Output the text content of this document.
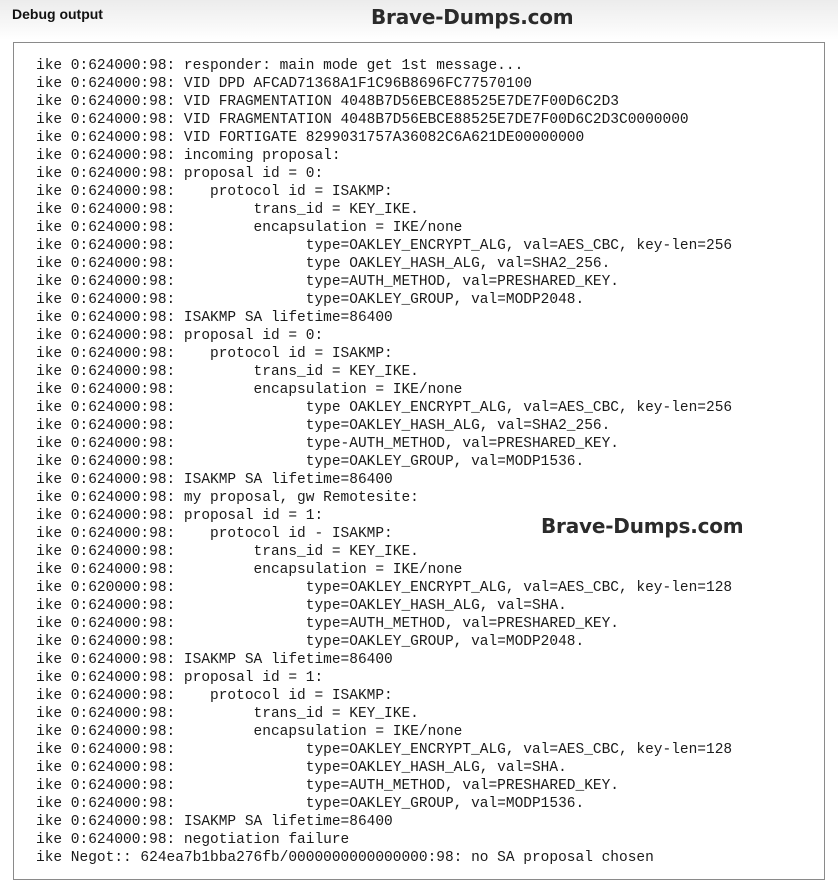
Debug output	Brave-Dumps.com
ike 0:624000:98: responder: main mode get 1st message...
ike 0:624000:98: VID DPD AFCAD71368A1F1C96B8696FC77570100
ike 0:624000:98: VID FRAGMENTATION 4048B7D56EBCE88525E7DE7F00D6C2D3
ike 0:624000:98: VID FRAGMENTATION 4048B7D56EBCE88525E7DE7F00D6C2D3C0000000
ike 0:624000:98: VID FORTIGATE 8299031757A36082C6A621DE00000000
ike 0:624000:98: incoming proposal:
ike 0:624000:98: proposal id = 0:
ike 0:624000:98:    protocol id = ISAKMP:
ike 0:624000:98:         trans_id = KEY_IKE.
ike 0:624000:98:         encapsulation = IKE/none
ike 0:624000:98:               type=OAKLEY_ENCRYPT_ALG, val=AES_CBC, key-len=256
ike 0:624000:98:               type OAKLEY_HASH_ALG, val=SHA2_256.
ike 0:624000:98:               type=AUTH_METHOD, val=PRESHARED_KEY.
ike 0:624000:98:               type=OAKLEY_GROUP, val=MODP2048.
ike 0:624000:98: ISAKMP SA lifetime=86400
ike 0:624000:98: proposal id = 0:
ike 0:624000:98:    protocol id = ISAKMP:
ike 0:624000:98:         trans_id = KEY_IKE.
ike 0:624000:98:         encapsulation = IKE/none
ike 0:624000:98:               type OAKLEY_ENCRYPT_ALG, val=AES_CBC, key-len=256
ike 0:624000:98:               type=OAKLEY_HASH_ALG, val=SHA2_256.
ike 0:624000:98:               type-AUTH_METHOD, val=PRESHARED_KEY.
ike 0:624000:98:               type=OAKLEY_GROUP, val=MODP1536.
ike 0:624000:98: ISAKMP SA lifetime=86400
ike 0:624000:98: my proposal, gw Remotesite:
ike 0:624000:98: proposal id = 1:
ike 0:624000:98:    protocol id - ISAKMP:
ike 0:624000:98:         trans_id = KEY_IKE.
ike 0:624000:98:         encapsulation = IKE/none
ike 0:620000:98:               type=OAKLEY_ENCRYPT_ALG, val=AES_CBC, key-len=128
ike 0:624000:98:               type=OAKLEY_HASH_ALG, val=SHA.
ike 0:624000:98:               type=AUTH_METHOD, val=PRESHARED_KEY.
ike 0:624000:98:               type=OAKLEY_GROUP, val=MODP2048.
ike 0:624000:98: ISAKMP SA lifetime=86400
ike 0:624000:98: proposal id = 1:
ike 0:624000:98:    protocol id = ISAKMP:
ike 0:624000:98:         trans_id = KEY_IKE.
ike 0:624000:98:         encapsulation = IKE/none
ike 0:624000:98:               type=OAKLEY_ENCRYPT_ALG, val=AES_CBC, key-len=128
ike 0:624000:98:               type=OAKLEY_HASH_ALG, val=SHA.
ike 0:624000:98:               type=AUTH_METHOD, val=PRESHARED_KEY.
ike 0:624000:98:               type=OAKLEY_GROUP, val=MODP1536.
ike 0:624000:98: ISAKMP SA lifetime=86400
ike 0:624000:98: negotiation failure
ike Negot:: 624ea7b1bba276fb/0000000000000000:98: no SA proposal chosen
Brave-Dumps.com
